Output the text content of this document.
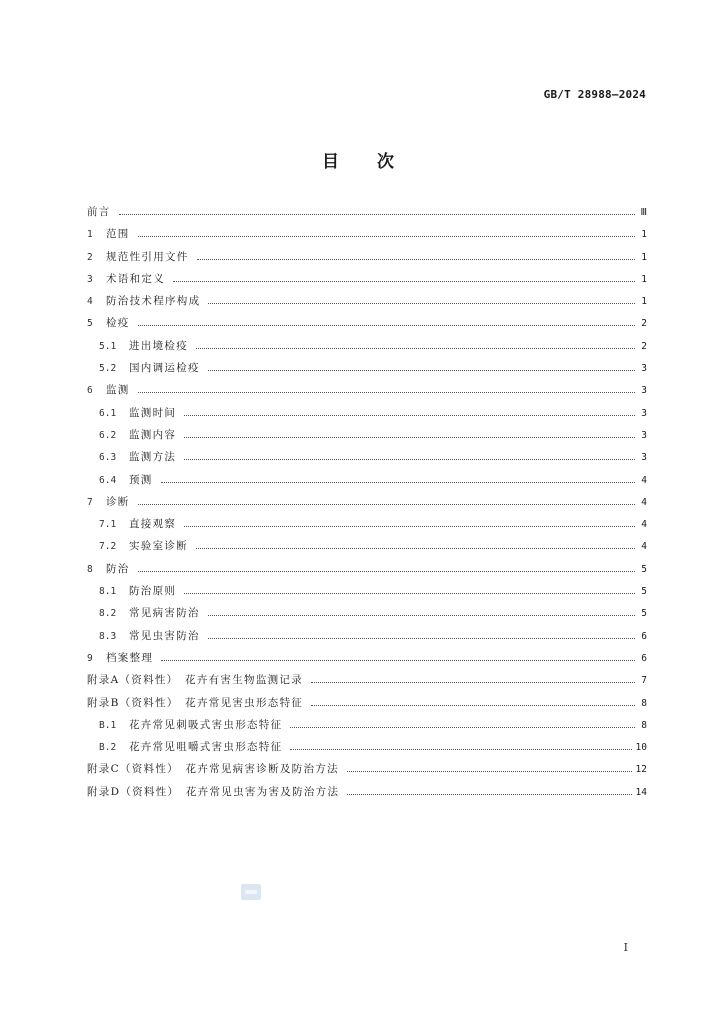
GB/T 28988—2024
目次
前言	Ⅲ
1	范围	1
2	规范性引用文件	1
3	术语和定义	1
4	防治技术程序构成	1
5	检疫	2
5.1	进出境检疫	2
5.2	国内调运检疫	3
6	监测	3
6.1	监测时间	3
6.2	监测内容	3
6.3	监测方法	3
6.4	预测	4
7	诊断	4
7.1	直接观察	4
7.2	实验室诊断	4
8	防治	5
8.1	防治原则	5
8.2	常见病害防治	5
8.3	常见虫害防治	6
9	档案整理	6
附录A（资料性）　花卉有害生物监测记录	7
附录B（资料性）　花卉常见害虫形态特征	8
B.1	花卉常见刺吸式害虫形态特征	8
B.2	花卉常见咀嚼式害虫形态特征	10
附录C（资料性）　花卉常见病害诊断及防治方法	12
附录D（资料性）　花卉常见虫害为害及防治方法	14
I
